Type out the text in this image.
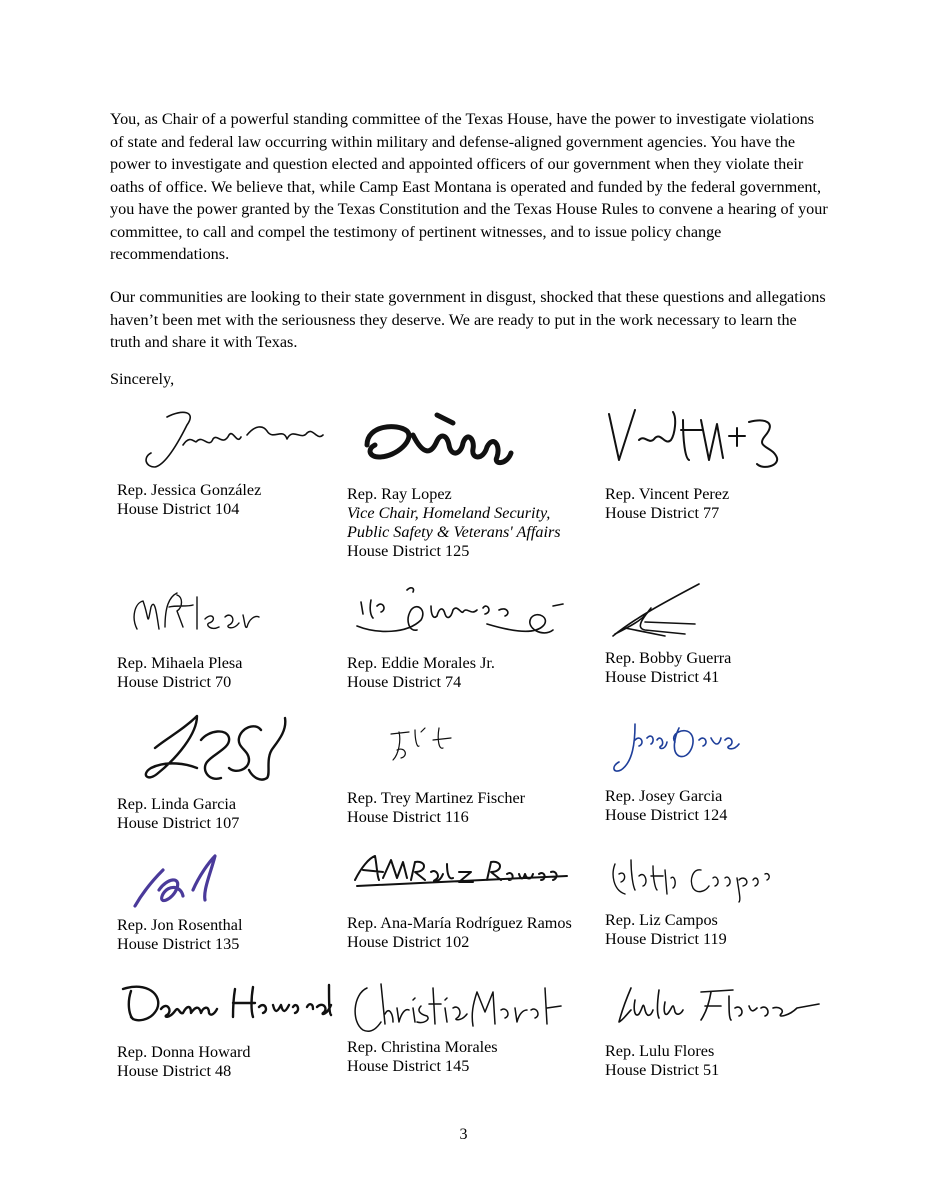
You, as Chair of a powerful standing committee of the Texas House, have the power to investigate violations of state and federal law occurring within military and defense-aligned government agencies. You have the power to investigate and question elected and appointed officers of our government when they violate their oaths of office. We believe that, while Camp East Montana is operated and funded by the federal government, you have the power granted by the Texas Constitution and the Texas House Rules to convene a hearing of your committee, to call and compel the testimony of pertinent witnesses, and to issue policy change recommendations.

Our communities are looking to their state government in disgust, shocked that these questions and allegations haven’t been met with the seriousness they deserve. We are ready to put in the work necessary to learn the truth and share it with Texas.

Sincerely,
Rep. Jessica González
House District 104
Rep. Ray Lopez
Vice Chair, Homeland Security,
Public Safety & Veterans' Affairs
House District 125
Rep. Vincent Perez
House District 77
Rep. Mihaela Plesa
House District 70
Rep. Eddie Morales Jr.
House District 74
Rep. Bobby Guerra
House District 41
Rep. Linda Garcia
House District 107
Rep. Trey Martinez Fischer
House District 116
Rep. Josey Garcia
House District 124
Rep. Jon Rosenthal
House District 135
Rep. Ana-María Rodríguez Ramos
House District 102
Rep. Liz Campos
House District 119
Rep. Donna Howard
House District 48
Rep. Christina Morales
House District 145
Rep. Lulu Flores
House District 51
3
